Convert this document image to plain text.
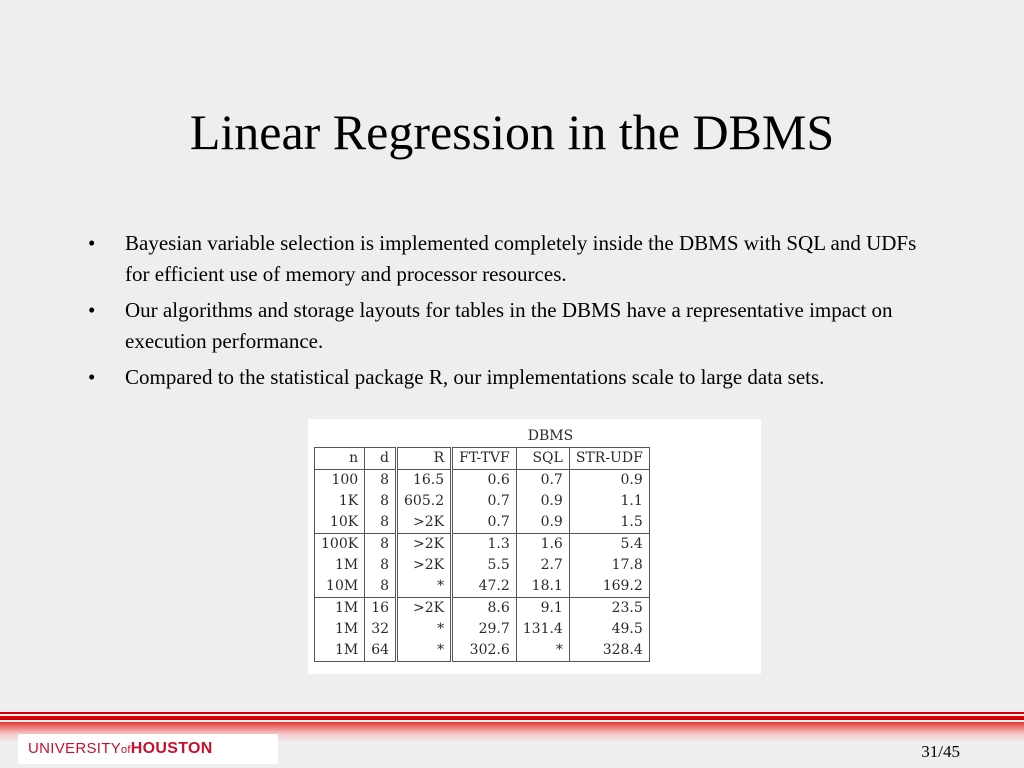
Linear Regression in the DBMS
• Bayesian variable selection is implemented completely inside the DBMS with SQL and UDFs for efficient use of memory and processor resources.
• Our algorithms and storage layouts for tables in the DBMS have a representative impact on execution performance.
• Compared to the statistical package R, our implementations scale to large data sets.
			DBMS		
n	d	R	FT-TVF	SQL	STR-UDF
100	8	16.5	0.6	0.7	0.9
1K	8	605.2	0.7	0.9	1.1
10K	8	>2K	0.7	0.9	1.5
100K	8	>2K	1.3	1.6	5.4
1M	8	>2K	5.5	2.7	17.8
10M	8	*	47.2	18.1	169.2
1M	16	>2K	8.6	9.1	23.5
1M	32	*	29.7	131.4	49.5
1M	64	*	302.6	*	328.4
UNIVERSITYofHOUSTON	31/45
